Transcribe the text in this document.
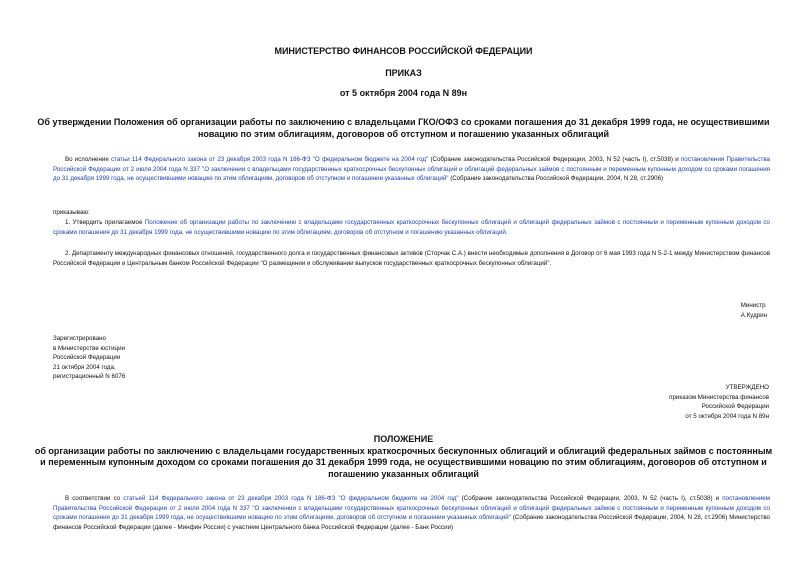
МИНИСТЕРСТВО ФИНАНСОВ РОССИЙСКОЙ ФЕДЕРАЦИИ
ПРИКАЗ
от 5 октября 2004 года N 89н
Об утверждении Положения об организации работы по заключению с владельцами ГКО/ОФЗ со сроками погашения до 31 декабря 1999 года, не осуществившими
новацию по этим облигациям, договоров об отступном и погашению указанных облигаций
Во исполнение статьи 114 Федерального закона от 23 декабря 2003 года N 186-ФЗ "О федеральном бюджете на 2004 год" (Собрание законодательства Российской Федерации, 2003, N 52 (часть I), ст.5038) и постановления Правительства Российской Федерации от 2 июля 2004 года N 337 "О заключении с владельцами государственных краткосрочных бескупонных облигаций и облигаций федеральных займов с постоянным и переменным купонным доходом со сроками погашения до 31 декабря 1999 года, не осуществившими новацию по этим облигациям, договоров об отступном и погашении указанных облигаций" (Собрание законодательства Российской Федерации, 2004, N 28, ст.2906)
приказываю:
1. Утвердить прилагаемое Положение об организации работы по заключению с владельцами государственных краткосрочных бескупонных облигаций и облигаций федеральных займов с постоянным и переменным купонным доходом со сроками погашения до 31 декабря 1999 года, не осуществившими новацию по этим облигациям, договоров об отступном и погашению указанных облигаций.
2. Департаменту международных финансовых отношений, государственного долга и государственных финансовых активов (Сторчак С.А.) внести необходимые дополнения в Договор от 6 мая 1993 года N 5-2-1 между Министерством финансов Российской Федерации и Центральным банком Российской Федерации "О размещении и обслуживании выпусков государственных краткосрочных бескупонных облигаций".
Министр
А.Кудрин
Зарегистрировано
в Министерстве юстиции
Российской Федерации
21 октября 2004 года,
регистрационный N 6076
УТВЕРЖДЕНО
приказом Министерства финансов
Российской Федерации
от 5 октября 2004 года N 89н
ПОЛОЖЕНИЕ
об организации работы по заключению с владельцами государственных краткосрочных бескупонных облигаций и облигаций федеральных займов с постоянным
и переменным купонным доходом со сроками погашения до 31 декабря 1999 года, не осуществившими новацию по этим облигациям, договоров об отступном и
погашению указанных облигаций
В соответствии со статьей 114 Федерального закона от 23 декабря 2003 года N 186-ФЗ "О федеральном бюджете на 2004 год" (Собрание законодательства Российской Федерации, 2003, N 52 (часть I), ст.5038) и постановлением Правительства Российской Федерации от 2 июля 2004 года N 337 "О заключении с владельцами государственных краткосрочных бескупонных облигаций и облигаций федеральных займов с постоянным и переменным купонным доходом со сроками погашения до 31 декабря 1999 года, не осуществившими новацию по этим облигациям, договоров об отступном и погашении указанных облигаций" (Собрание законодательства Российской Федерации, 2004, N 28, ст.2906) Министерство финансов Российской Федерации (далее - Минфин России) с участием Центрального банка Российской Федерации (далее - Банк России)
